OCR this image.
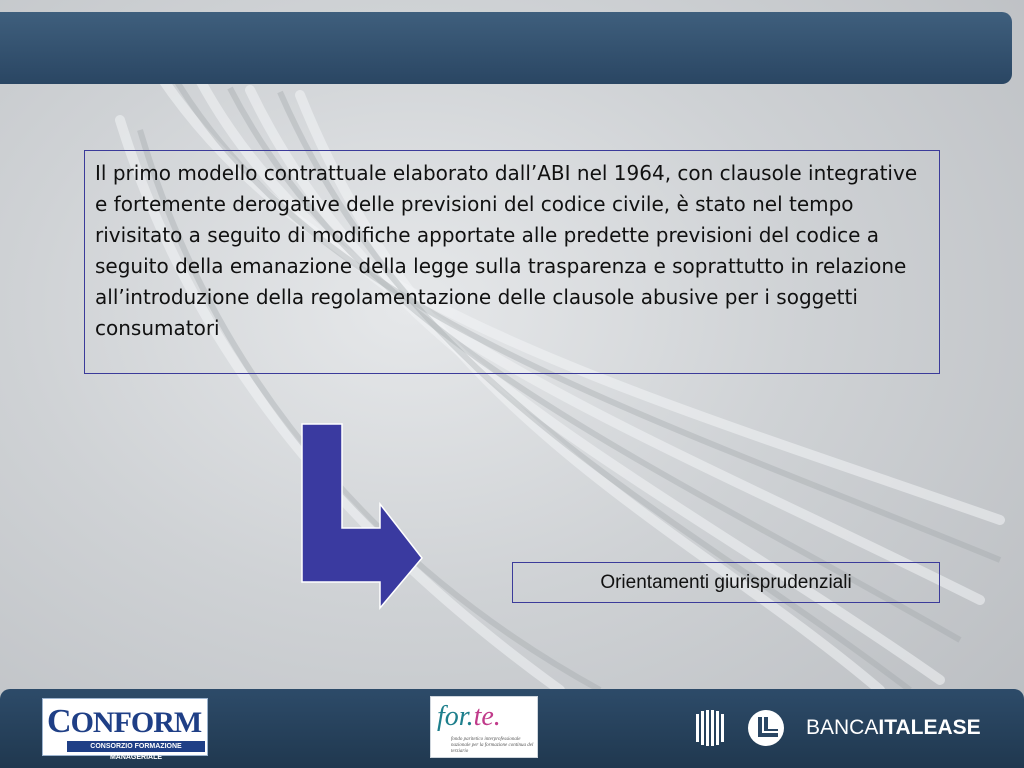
Il primo modello contrattuale elaborato dall’ABI nel 1964, con clausole integrative e fortemente derogative delle previsioni del codice civile, è stato nel tempo rivisitato a seguito di modifiche apportate alle predette previsioni del codice a seguito della emanazione della legge sulla trasparenza e soprattutto in relazione all’introduzione della regolamentazione delle clausole abusive per i soggetti consumatori
Orientamenti giurisprudenziali
CONFORM
CONSORZIO FORMAZIONE MANAGERIALE
for.te.
fondo paritetico interprofessionale nazionale per la formazione continua del terziario
BANCAITALEASE
